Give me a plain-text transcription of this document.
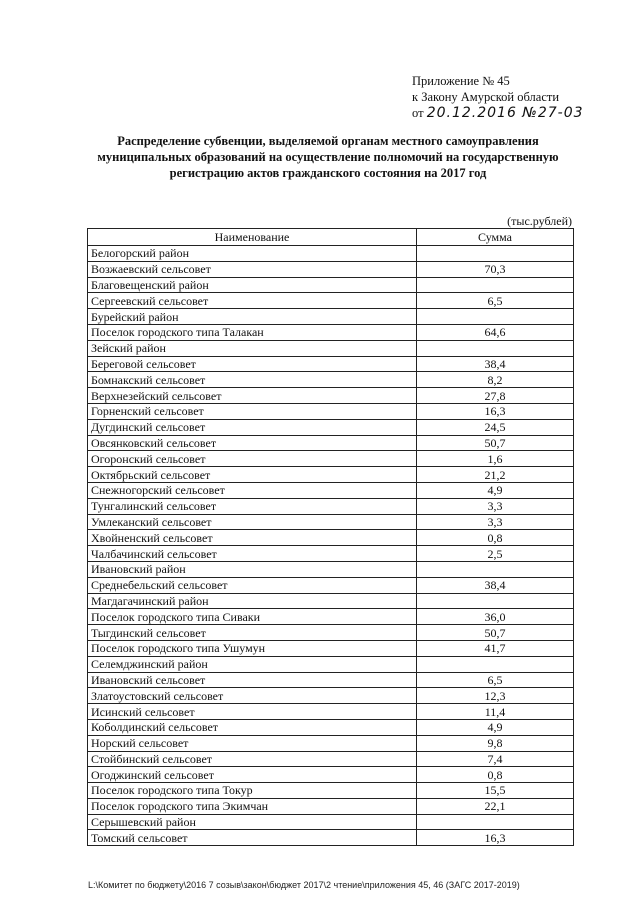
Приложение № 45
к Закону Амурской области
от 20.12.2016 №27-03
Распределение субвенции, выделяемой органам местного самоуправления
муниципальных образований на осуществление полномочий на государственную
регистрацию актов гражданского состояния на 2017 год
(тыс.рублей)
Наименование	Сумма
Белогорский район	
Возжаевский сельсовет	70,3
Благовещенский район	
Сергеевский сельсовет	6,5
Бурейский район	
Поселок городского типа Талакан	64,6
Зейский район	
Береговой сельсовет	38,4
Бомнакский сельсовет	8,2
Верхнезейский сельсовет	27,8
Горненский сельсовет	16,3
Дугдинский сельсовет	24,5
Овсянковский сельсовет	50,7
Огоронский сельсовет	1,6
Октябрьский сельсовет	21,2
Снежногорский сельсовет	4,9
Тунгалинский сельсовет	3,3
Умлеканский сельсовет	3,3
Хвойненский сельсовет	0,8
Чалбачинский сельсовет	2,5
Ивановский район	
Среднебельский сельсовет	38,4
Магдагачинский район	
Поселок городского типа Сиваки	36,0
Тыгдинский сельсовет	50,7
Поселок городского типа Ушумун	41,7
Селемджинский район	
Ивановский сельсовет	6,5
Златоустовский сельсовет	12,3
Исинский сельсовет	11,4
Коболдинский сельсовет	4,9
Норский сельсовет	9,8
Стойбинский сельсовет	7,4
Огоджинский сельсовет	0,8
Поселок городского типа Токур	15,5
Поселок городского типа Экимчан	22,1
Серышевский район	
Томский сельсовет	16,3
L:\Комитет по бюджету\2016 7 созыв\закон\бюджет 2017\2 чтение\приложения 45, 46 (ЗАГС 2017-2019)
